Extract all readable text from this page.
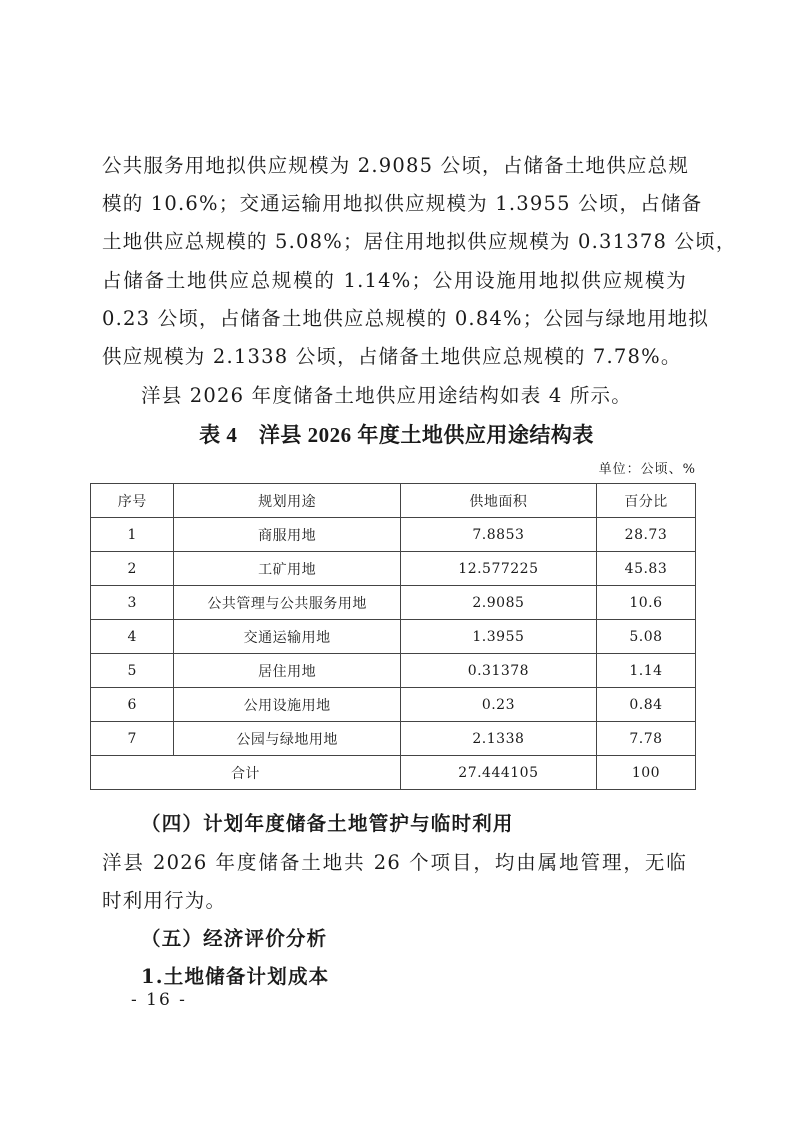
公共服务用地拟供应规模为 2.9085 公顷，占储备土地供应总规
模的 10.6%；交通运输用地拟供应规模为 1.3955 公顷，占储备
土地供应总规模的 5.08%；居住用地拟供应规模为 0.31378 公顷，
占储备土地供应总规模的 1.14%；公用设施用地拟供应规模为
0.23 公顷，占储备土地供应总规模的 0.84%；公园与绿地用地拟
供应规模为 2.1338 公顷，占储备土地供应总规模的 7.78%。
洋县 2026 年度储备土地供应用途结构如表 4 所示。
表 4　洋县 2026 年度土地供应用途结构表
单位：公顷、%
序号	规划用途	供地面积	百分比
1	商服用地	7.8853	28.73
2	工矿用地	12.577225	45.83
3	公共管理与公共服务用地	2.9085	10.6
4	交通运输用地	1.3955	5.08
5	居住用地	0.31378	1.14
6	公用设施用地	0.23	0.84
7	公园与绿地用地	2.1338	7.78
合计		27.444105	100
（四）计划年度储备土地管护与临时利用
洋县 2026 年度储备土地共 26 个项目，均由属地管理，无临
时利用行为。
（五）经济评价分析
1.土地储备计划成本
- 16 -
